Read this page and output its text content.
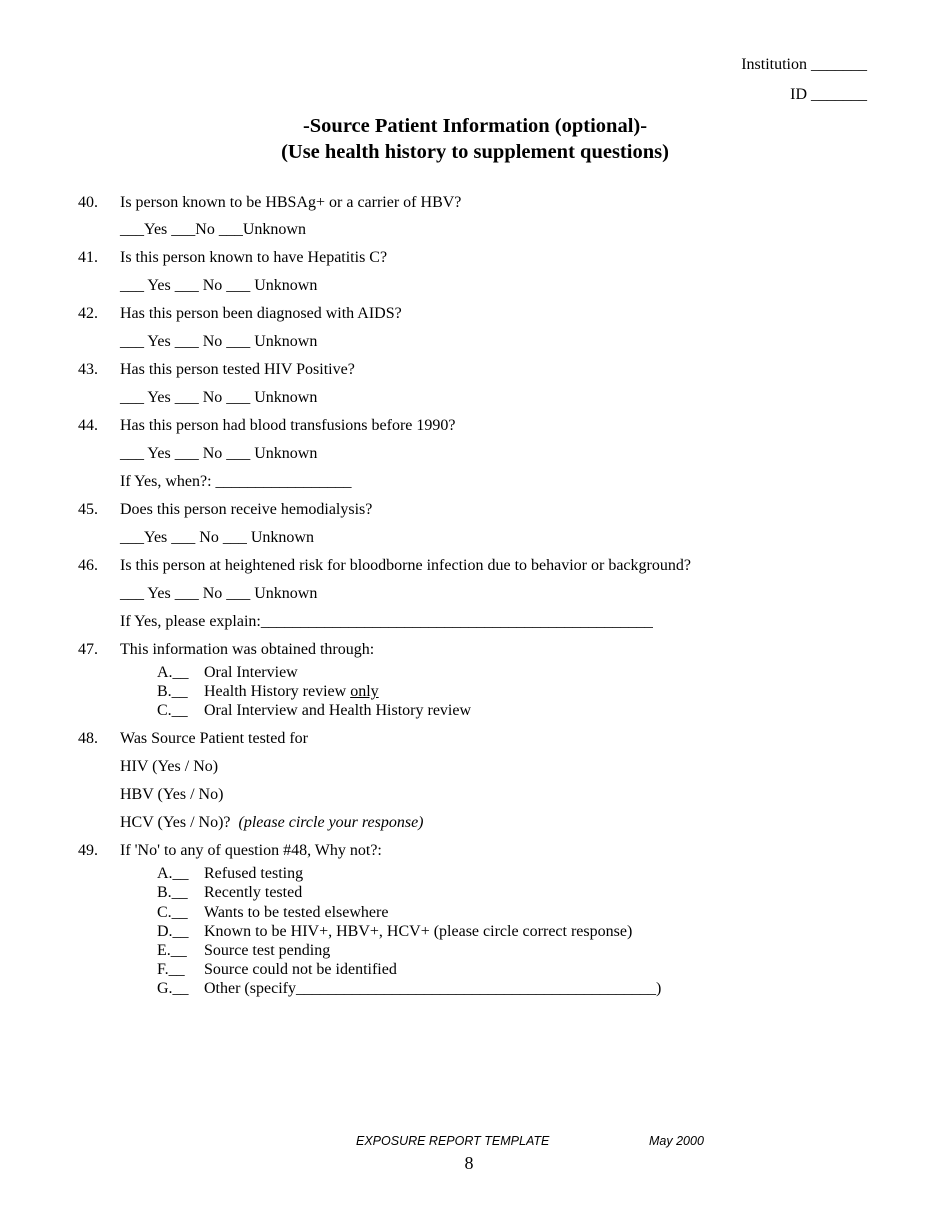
Institution _______
ID _______
-Source Patient Information (optional)-
(Use health history to supplement questions)
40. Is person known to be HBSAg+ or a carrier of HBV?
___Yes ___No ___Unknown
41. Is this person known to have Hepatitis C?
___ Yes ___ No ___ Unknown
42. Has this person been diagnosed with AIDS?
___ Yes ___ No ___ Unknown
43. Has this person tested HIV Positive?
___ Yes ___ No ___ Unknown
44. Has this person had blood transfusions before 1990?
___ Yes ___ No ___ Unknown
If Yes, when?: _________________
45. Does this person receive hemodialysis?
___Yes ___ No ___ Unknown
46. Is this person at heightened risk for bloodborne infection due to behavior or background?
___ Yes ___ No ___ Unknown
If Yes, please explain:_________________________________________________
47. This information was obtained through:
A.__ Oral Interview
B.__ Health History review only
C.__ Oral Interview and Health History review
48. Was Source Patient tested for
HIV (Yes / No)
HBV (Yes / No)
HCV (Yes / No)? (please circle your response)
49. If 'No' to any of question #48, Why not?:
A.__ Refused testing
B.__ Recently tested
C.__ Wants to be tested elsewhere
D.__ Known to be HIV+, HBV+, HCV+ (please circle correct response)
E.__ Source test pending
F.__ Source could not be identified
G.__ Other (specify_____________________________________________)
EXPOSURE REPORT TEMPLATE	May 2000
8
